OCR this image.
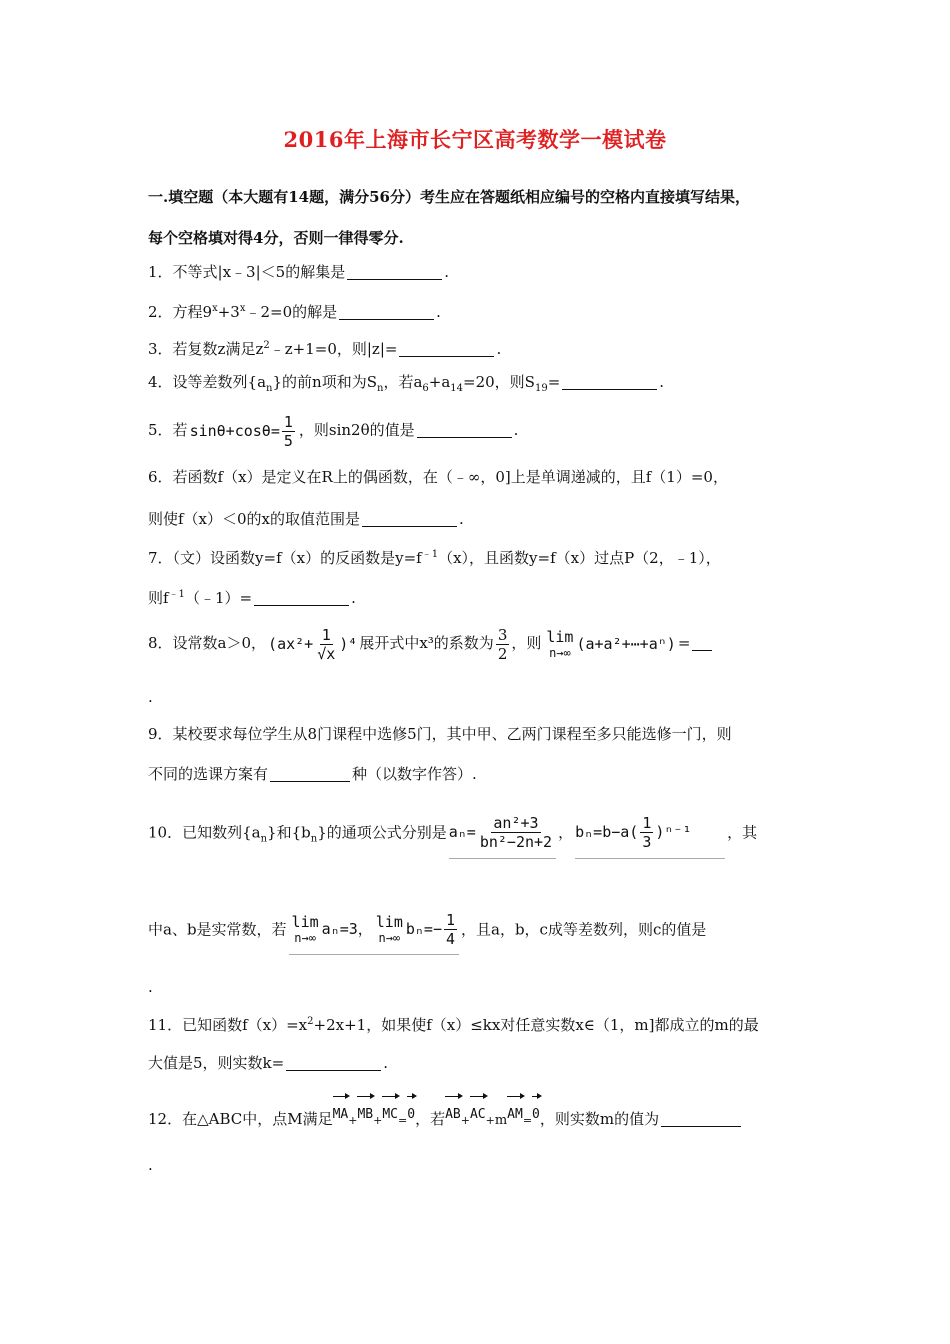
2016年上海市长宁区高考数学一模试卷
一.填空题（本大题有14题，满分56分）考生应在答题纸相应编号的空格内直接填写结果，
每个空格填对得4分，否则一律得零分.
1．不等式|x﹣3|＜5的解集是	.
2．方程$9^x+3^x﹣2=0$的解是	.
3．若复数z满足$z^2﹣z+1=0$，则|z|=	.
4．设等差数列$\{a_n\}$的前n项和为$S_n$，若$a_6+a_{14}=20$，则$S_{19}=$	.
5．若 $\sin\theta+\cos\theta= \frac{1}{5}$ ，则sin2θ的值是	.
6．若函数f（x）是定义在R上的偶函数，在（﹣∞，0]上是单调递减的，且f（1）=0，
则使f（x）＜0的x的取值范围是	.
7．（文）设函数y=f（x）的反函数是$y=f^{﹣1}(x)$，且函数y=f（x）过点P（2，﹣1），
则$f^{﹣1}(﹣1)=$	.
8．设常数a＞0， $(ax^2+ \frac{1}{√x} )^4$ 展开式中x³的系数为 $\frac{3}{2}$ ，则 lim
n→∞ (a+a²+⋯+aⁿ) =
.
9．某校要求每位学生从8门课程中选修5门，其中甲、乙两门课程至多只能选修一门，则
不同的选课方案有	种（以数字作答）.
10．已知数列$\{a_n\}$和$\{b_n\}$的通项公式分别是 $a_n= \frac{\text{an²+3}}{\text{bn²−2n+2}}$ ， $b_n=b-a( \frac{1}{3} )^{n-1}$ ，其
中a、b是实常数，若 lim
n→∞ aₙ=3， lim
n→∞ $b_n=- \frac{1}{4}$ ，且a，b，c成等差数列，则c的值是
.
11．已知函数$f(x)=x^2+2x+1$，如果使f（x）≤kx对任意实数x∈（1，m]都成立的m的最
大值是5，则实数k=	.
12．在△ABC中，点M满足MA+MB+MC=0，若AB+AC+mAM=0，则实数m的值为
.
